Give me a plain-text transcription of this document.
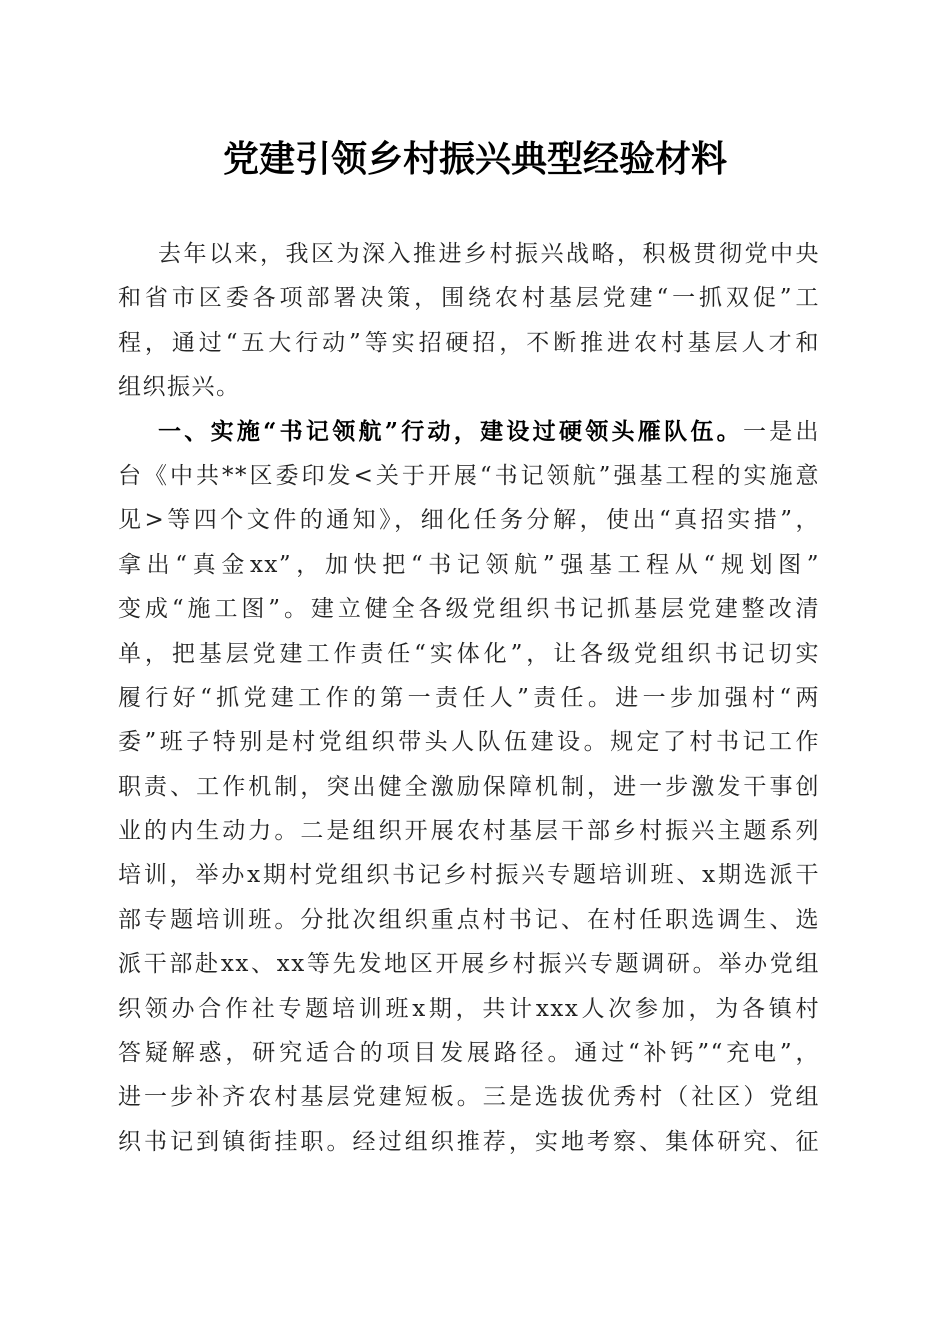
党建引领乡村振兴典型经验材料
去年以来，我区为深入推进乡村振兴战略，积极贯彻党中央
和省市区委各项部署决策，围绕农村基层党建“一抓双促”工
程，通过“五大行动”等实招硬招，不断推进农村基层人才和
组织振兴。
一、实施“书记领航”行动，建设过硬领头雁队伍。一是出
台《中共**区委印发<关于开展“书记领航”强基工程的实施意
见>等四个文件的通知》，细化任务分解，使出“真招实措”，
拿出“真金xx”，加快把“书记领航”强基工程从“规划图”
变成“施工图”。建立健全各级党组织书记抓基层党建整改清
单，把基层党建工作责任“实体化”，让各级党组织书记切实
履行好“抓党建工作的第一责任人”责任。进一步加强村“两
委”班子特别是村党组织带头人队伍建设。规定了村书记工作
职责、工作机制，突出健全激励保障机制，进一步激发干事创
业的内生动力。二是组织开展农村基层干部乡村振兴主题系列
培训，举办x期村党组织书记乡村振兴专题培训班、x期选派干
部专题培训班。分批次组织重点村书记、在村任职选调生、选
派干部赴xx、xx等先发地区开展乡村振兴专题调研。举办党组
织领办合作社专题培训班x期，共计xxx人次参加，为各镇村
答疑解惑，研究适合的项目发展路径。通过“补钙”“充电”，
进一步补齐农村基层党建短板。三是选拔优秀村（社区）党组
织书记到镇街挂职。经过组织推荐，实地考察、集体研究、征
